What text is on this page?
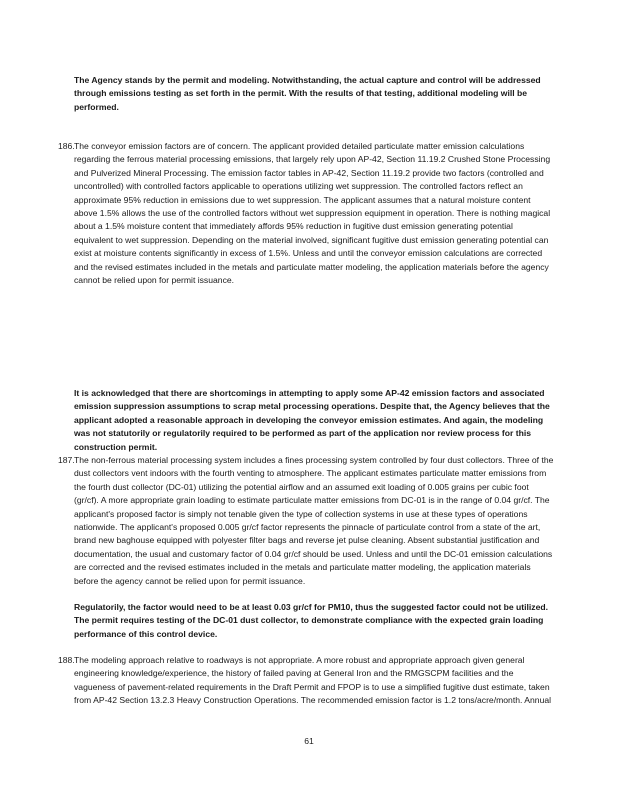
The Agency stands by the permit and modeling. Notwithstanding, the actual capture and control will be addressed through emissions testing as set forth in the permit. With the results of that testing, additional modeling will be performed.

186. The conveyor emission factors are of concern. The applicant provided detailed particulate matter emission calculations regarding the ferrous material processing emissions, that largely rely upon AP-42, Section 11.19.2 Crushed Stone Processing and Pulverized Mineral Processing. The emission factor tables in AP-42, Section 11.19.2 provide two factors (controlled and uncontrolled) with controlled factors applicable to operations utilizing wet suppression. The controlled factors reflect an approximate 95% reduction in emissions due to wet suppression. The applicant assumes that a natural moisture content above 1.5% allows the use of the controlled factors without wet suppression equipment in operation. There is nothing magical about a 1.5% moisture content that immediately affords 95% reduction in fugitive dust emission generating potential equivalent to wet suppression. Depending on the material involved, significant fugitive dust emission generating potential can exist at moisture contents significantly in excess of 1.5%. Unless and until the conveyor emission calculations are corrected and the revised estimates included in the metals and particulate matter modeling, the application materials before the agency cannot be relied upon for permit issuance.

It is acknowledged that there are shortcomings in attempting to apply some AP-42 emission factors and associated emission suppression assumptions to scrap metal processing operations. Despite that, the Agency believes that the applicant adopted a reasonable approach in developing the conveyor emission estimates. And again, the modeling was not statutorily or regulatorily required to be performed as part of the application nor review process for this construction permit.

187. The non-ferrous material processing system includes a fines processing system controlled by four dust collectors. Three of the dust collectors vent indoors with the fourth venting to atmosphere. The applicant estimates particulate matter emissions from the fourth dust collector (DC-01) utilizing the potential airflow and an assumed exit loading of 0.005 grains per cubic foot (gr/cf). A more appropriate grain loading to estimate particulate matter emissions from DC-01 is in the range of 0.04 gr/cf. The applicant's proposed factor is simply not tenable given the type of collection systems in use at these types of operations nationwide. The applicant's proposed 0.005 gr/cf factor represents the pinnacle of particulate control from a state of the art, brand new baghouse equipped with polyester filter bags and reverse jet pulse cleaning. Absent substantial justification and documentation, the usual and customary factor of 0.04 gr/cf should be used. Unless and until the DC-01 emission calculations are corrected and the revised estimates included in the metals and particulate matter modeling, the application materials before the agency cannot be relied upon for permit issuance.

Regulatorily, the factor would need to be at least 0.03 gr/cf for PM10, thus the suggested factor could not be utilized. The permit requires testing of the DC-01 dust collector, to demonstrate compliance with the expected grain loading performance of this control device.

188. The modeling approach relative to roadways is not appropriate. A more robust and appropriate approach given general engineering knowledge/experience, the history of failed paving at General Iron and the RMGSCPM facilities and the vagueness of pavement-related requirements in the Draft Permit and FPOP is to use a simplified fugitive dust estimate, taken from AP-42 Section 13.2.3 Heavy Construction Operations. The recommended emission factor is 1.2 tons/acre/month. Annual

61
